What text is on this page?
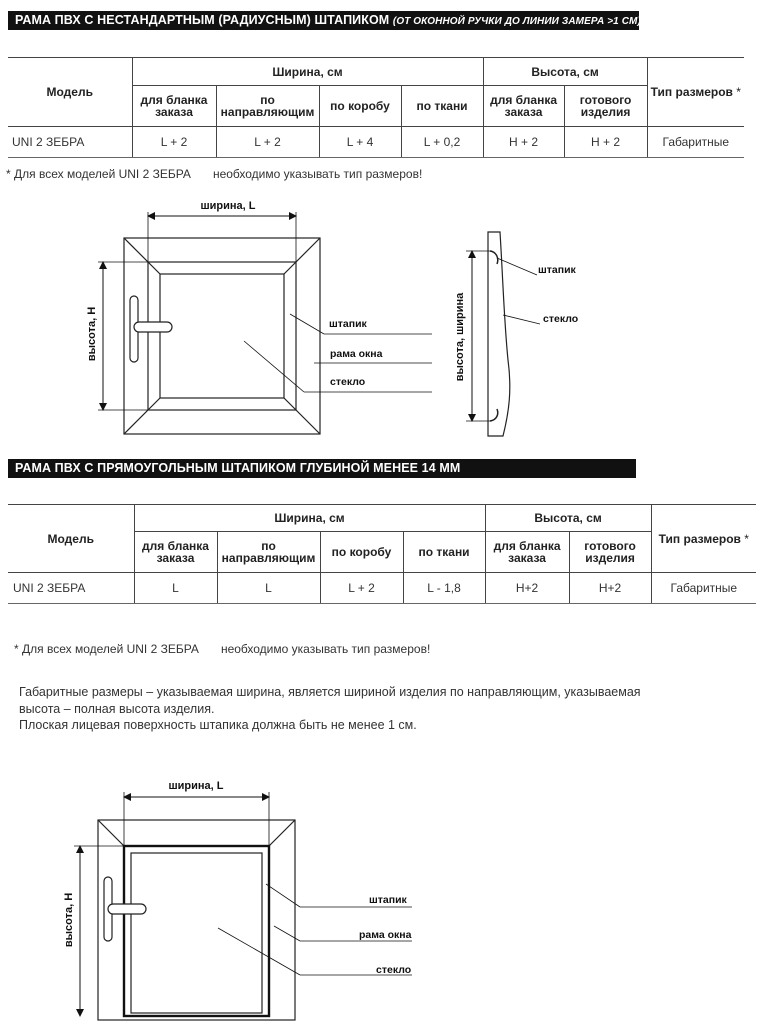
РАМА ПВХ С НЕСТАНДАРТНЫМ (РАДИУСНЫМ) ШТАПИКОМ (ОТ ОКОННОЙ РУЧКИ ДО ЛИНИИ ЗАМЕРА >1 СМ)
Модель	Ширина, см				Высота, см		Тип размеров *
	для бланка заказа	по направляющим	по коробу	по ткани	для бланка заказа	готового изделия	
UNI 2 ЗЕБРА	L + 2	L + 2	L + 4	L + 0,2	H + 2	H + 2	Габаритные
* Для всех моделей UNI 2 ЗЕБРА необходимо указывать тип размеров!
РАМА ПВХ С ПРЯМОУГОЛЬНЫМ ШТАПИКОМ ГЛУБИНОЙ МЕНЕЕ 14 ММ
Модель	Ширина, см				Высота, см		Тип размеров *
	для бланка заказа	по направляющим	по коробу	по ткани	для бланка заказа	готового изделия	
UNI 2 ЗЕБРА	L	L	L + 2	L - 1,8	H+2	H+2	Габаритные
* Для всех моделей UNI 2 ЗЕБРА необходимо указывать тип размеров!
Габаритные размеры – указываемая ширина, является шириной изделия по направляющим, указываемая
высота – полная высота изделия.
Плоская лицевая поверхность штапика должна быть не менее 1 см.
ширина, L
высота, H	штапик
рама окна
стекло
высота, ширина
штапик
стекло
ширина, L
высота, H	штапик
рама окна
стекло
